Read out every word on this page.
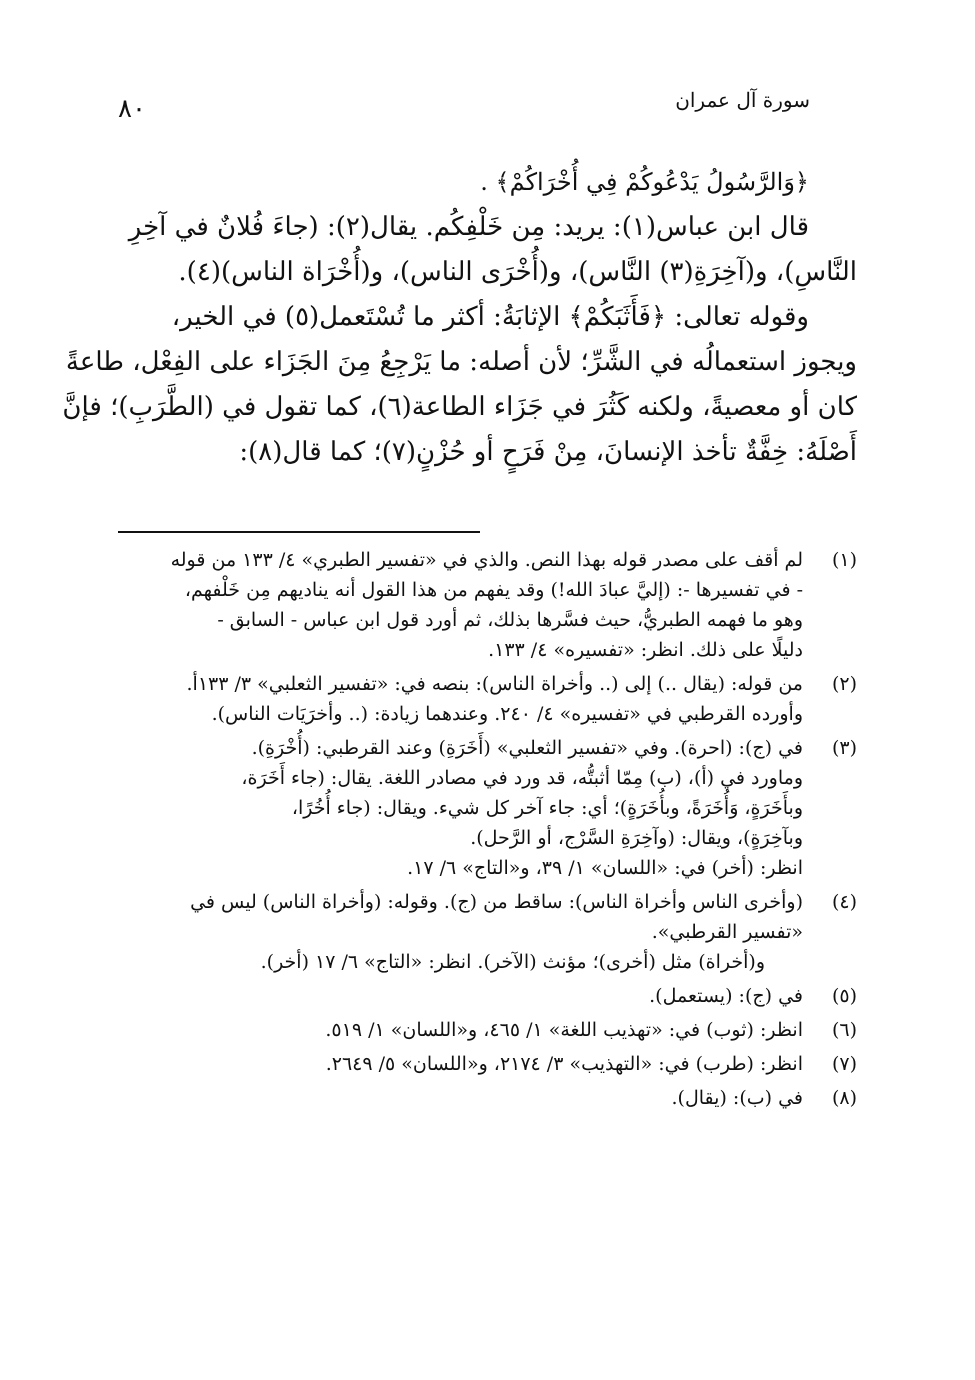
سورة آل عمران
٨٠
﴿وَالرَّسُولُ يَدْعُوكُمْ فِي أُخْرَاكُمْ﴾ .
قال ابن عباس(١): يريد: مِن خَلْفِكُم. يقال(٢): (جاءَ فُلانٌ في آخِرِ
النَّاسِ)، و(آخِرَةِ(٣) النَّاس)، و(أُخْرَى الناس)، و(أُخْرَاة الناس)(٤).
وقوله تعالى: ﴿فَأَثَبَكُمْ﴾ الإثابَةُ: أكثر ما تُسْتَعمل(٥) في الخير،
ويجوز استعمالُه في الشَّرِّ؛ لأن أصله: ما يَرْجِعُ مِنَ الجَزَاء على الفِعْل، طاعةً
كان أو معصيةً، ولكنه كَثُرَ في جَزَاء الطاعة(٦)، كما تقول في (الطَّرَبِ)؛ فإنَّ
أَصْلَهُ: خِفَّةٌ تأخذ الإنسانَ، مِنْ فَرَحٍ أو حُزْنٍ(٧)؛ كما قال(٨):
(١)
لم أقف على مصدر قوله بهذا النص. والذي في «تفسير الطبري» ٤/ ١٣٣ من قوله
- في تفسيرها -: (إليَّ عبادَ الله!) وقد يفهم من هذا القول أنه يناديهم مِن خَلْفهم،
وهو ما فهمه الطبريُّ، حيث فسَّرها بذلك، ثم أورد قول ابن عباس - السابق -
دليلًا على ذلك. انظر: «تفسيره» ٤/ ١٣٣.
(٢)
من قوله: (يقال ..) إلى (.. وأخراة الناس): بنصه في: «تفسير الثعلبي» ٣/ ١٣٣أ.
وأورده القرطبي في «تفسيره» ٤/ ٢٤٠. وعندهما زيادة: (.. وأخرَيَات الناس).
(٣)
في (ج): (احرة). وفي «تفسير الثعلبي» (أَخَرَةِ) وعند القرطبي: (أُخْرَةِ).
وماورد في (أ)، (ب) مِمّا أثبتُّه، قد ورد في مصادر اللغة. يقال: (جاء أَخَرَة،
وبأَخَرَةٍ، وَأُخَرَةً، وبأُخَرَةٍ)؛ أي: جاء آخر كل شيء. ويقال: (جاء أُخُرًا،
وبآخِرَةٍ)، ويقال: (وآخِرَةِ السَّرْج، أو الرَّحل).
انظر: (أخر) في: «اللسان» ١/ ٣٩، و«التاج» ٦/ ١٧.
(٤)
(وأخرى الناس وأخراة الناس): ساقط من (ج). وقوله: (وأخراة الناس) ليس في
«تفسير القرطبي».
و(أخراة) مثل (أخرى)؛ مؤنث (الآخر). انظر: «التاج» ٦/ ١٧ (أخر).
(٥)
في (ج): (يستعمل).
(٦)
انظر: (ثوب) في: «تهذيب اللغة» ١/ ٤٦٥، و«اللسان» ١/ ٥١٩.
(٧)
انظر: (طرب) في: «التهذيب» ٣/ ٢١٧٤، و«اللسان» ٥/ ٢٦٤٩.
(٨)
في (ب): (يقال).
